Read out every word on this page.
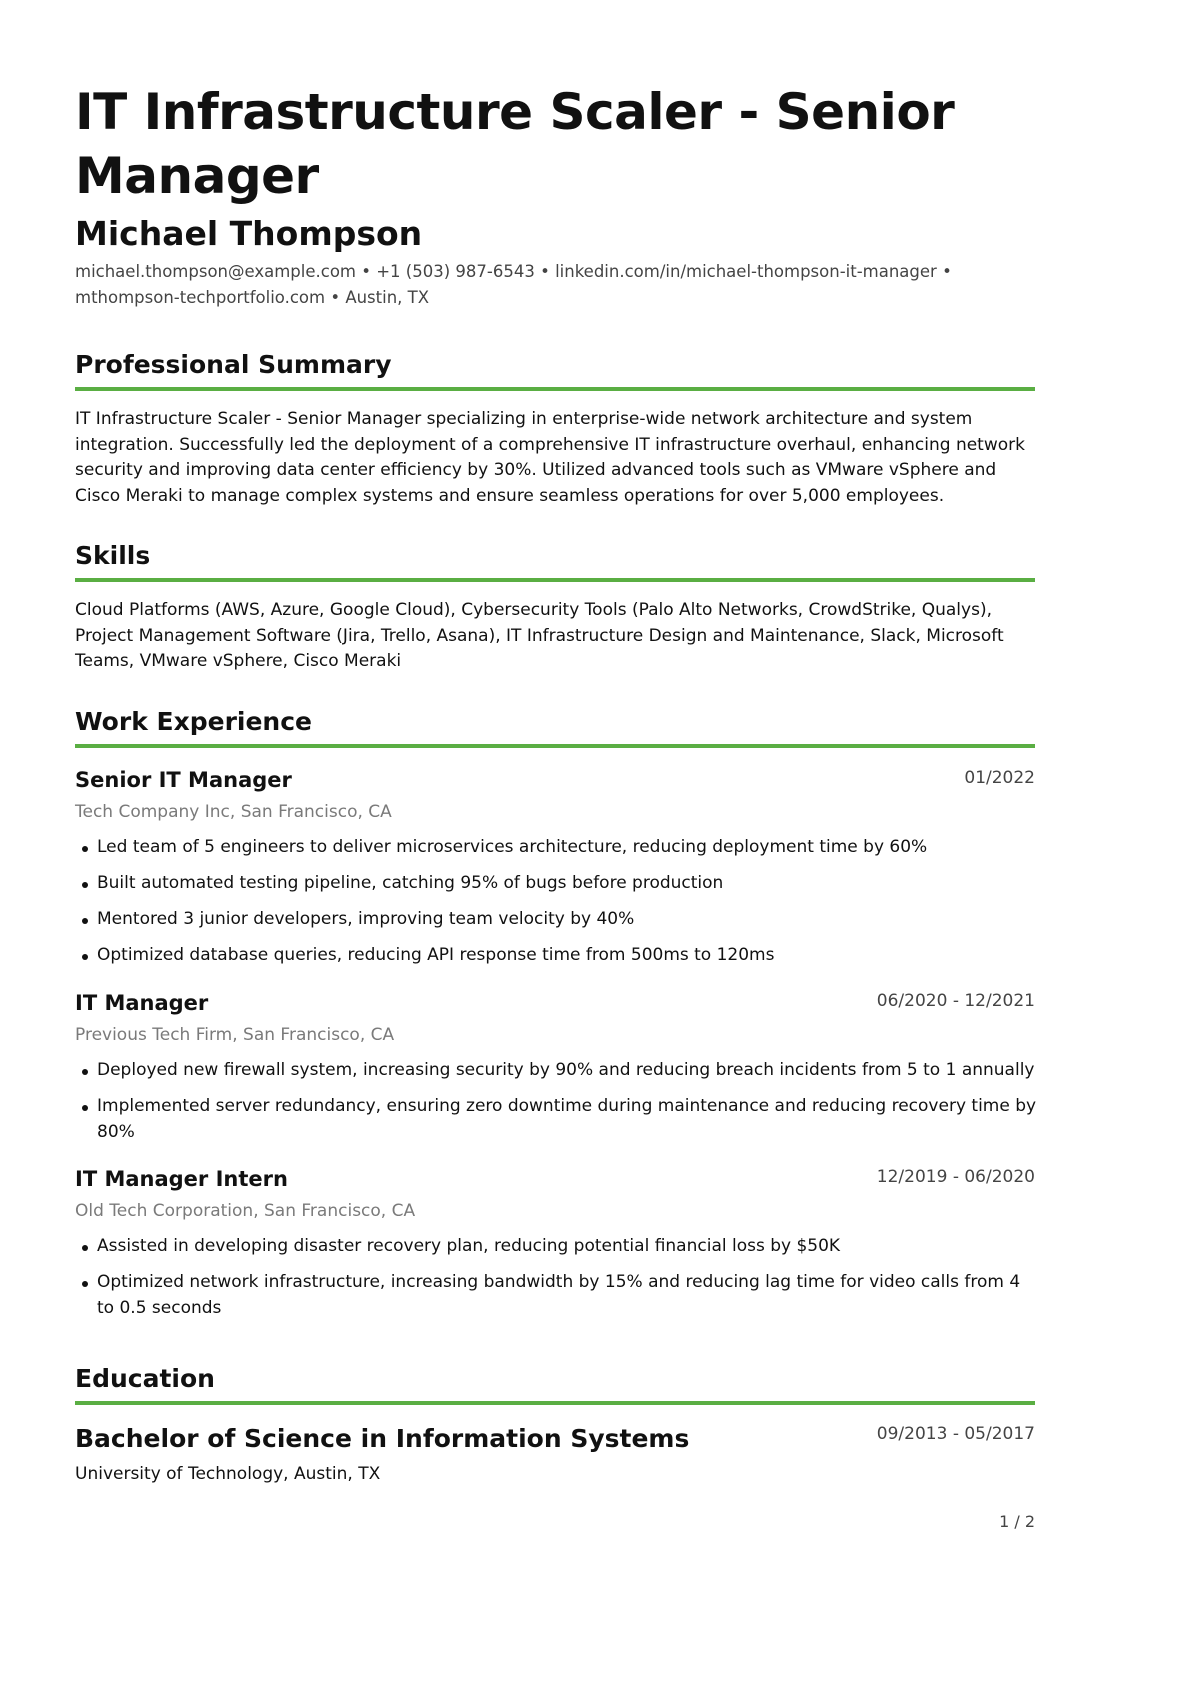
IT Infrastructure Scaler - Senior Manager
Michael Thompson
michael.thompson@example.com • +1 (503) 987-6543 • linkedin.com/in/michael-thompson-it-manager • mthompson-techportfolio.com • Austin, TX
Professional Summary
IT Infrastructure Scaler - Senior Manager specializing in enterprise-wide network architecture and system integration. Successfully led the deployment of a comprehensive IT infrastructure overhaul, enhancing network security and improving data center efficiency by 30%. Utilized advanced tools such as VMware vSphere and Cisco Meraki to manage complex systems and ensure seamless operations for over 5,000 employees.
Skills
Cloud Platforms (AWS, Azure, Google Cloud), Cybersecurity Tools (Palo Alto Networks, CrowdStrike, Qualys), Project Management Software (Jira, Trello, Asana), IT Infrastructure Design and Maintenance, Slack, Microsoft Teams, VMware vSphere, Cisco Meraki
Work Experience
Senior IT Manager	01/2022
Tech Company Inc, San Francisco, CA
Led team of 5 engineers to deliver microservices architecture, reducing deployment time by 60%
Built automated testing pipeline, catching 95% of bugs before production
Mentored 3 junior developers, improving team velocity by 40%
Optimized database queries, reducing API response time from 500ms to 120ms
IT Manager	06/2020 - 12/2021
Previous Tech Firm, San Francisco, CA
Deployed new firewall system, increasing security by 90% and reducing breach incidents from 5 to 1 annually
Implemented server redundancy, ensuring zero downtime during maintenance and reducing recovery time by 80%
IT Manager Intern	12/2019 - 06/2020
Old Tech Corporation, San Francisco, CA
Assisted in developing disaster recovery plan, reducing potential financial loss by $50K
Optimized network infrastructure, increasing bandwidth by 15% and reducing lag time for video calls from 4 to 0.5 seconds
Education
Bachelor of Science in Information Systems	09/2013 - 05/2017
University of Technology, Austin, TX
1 / 2
